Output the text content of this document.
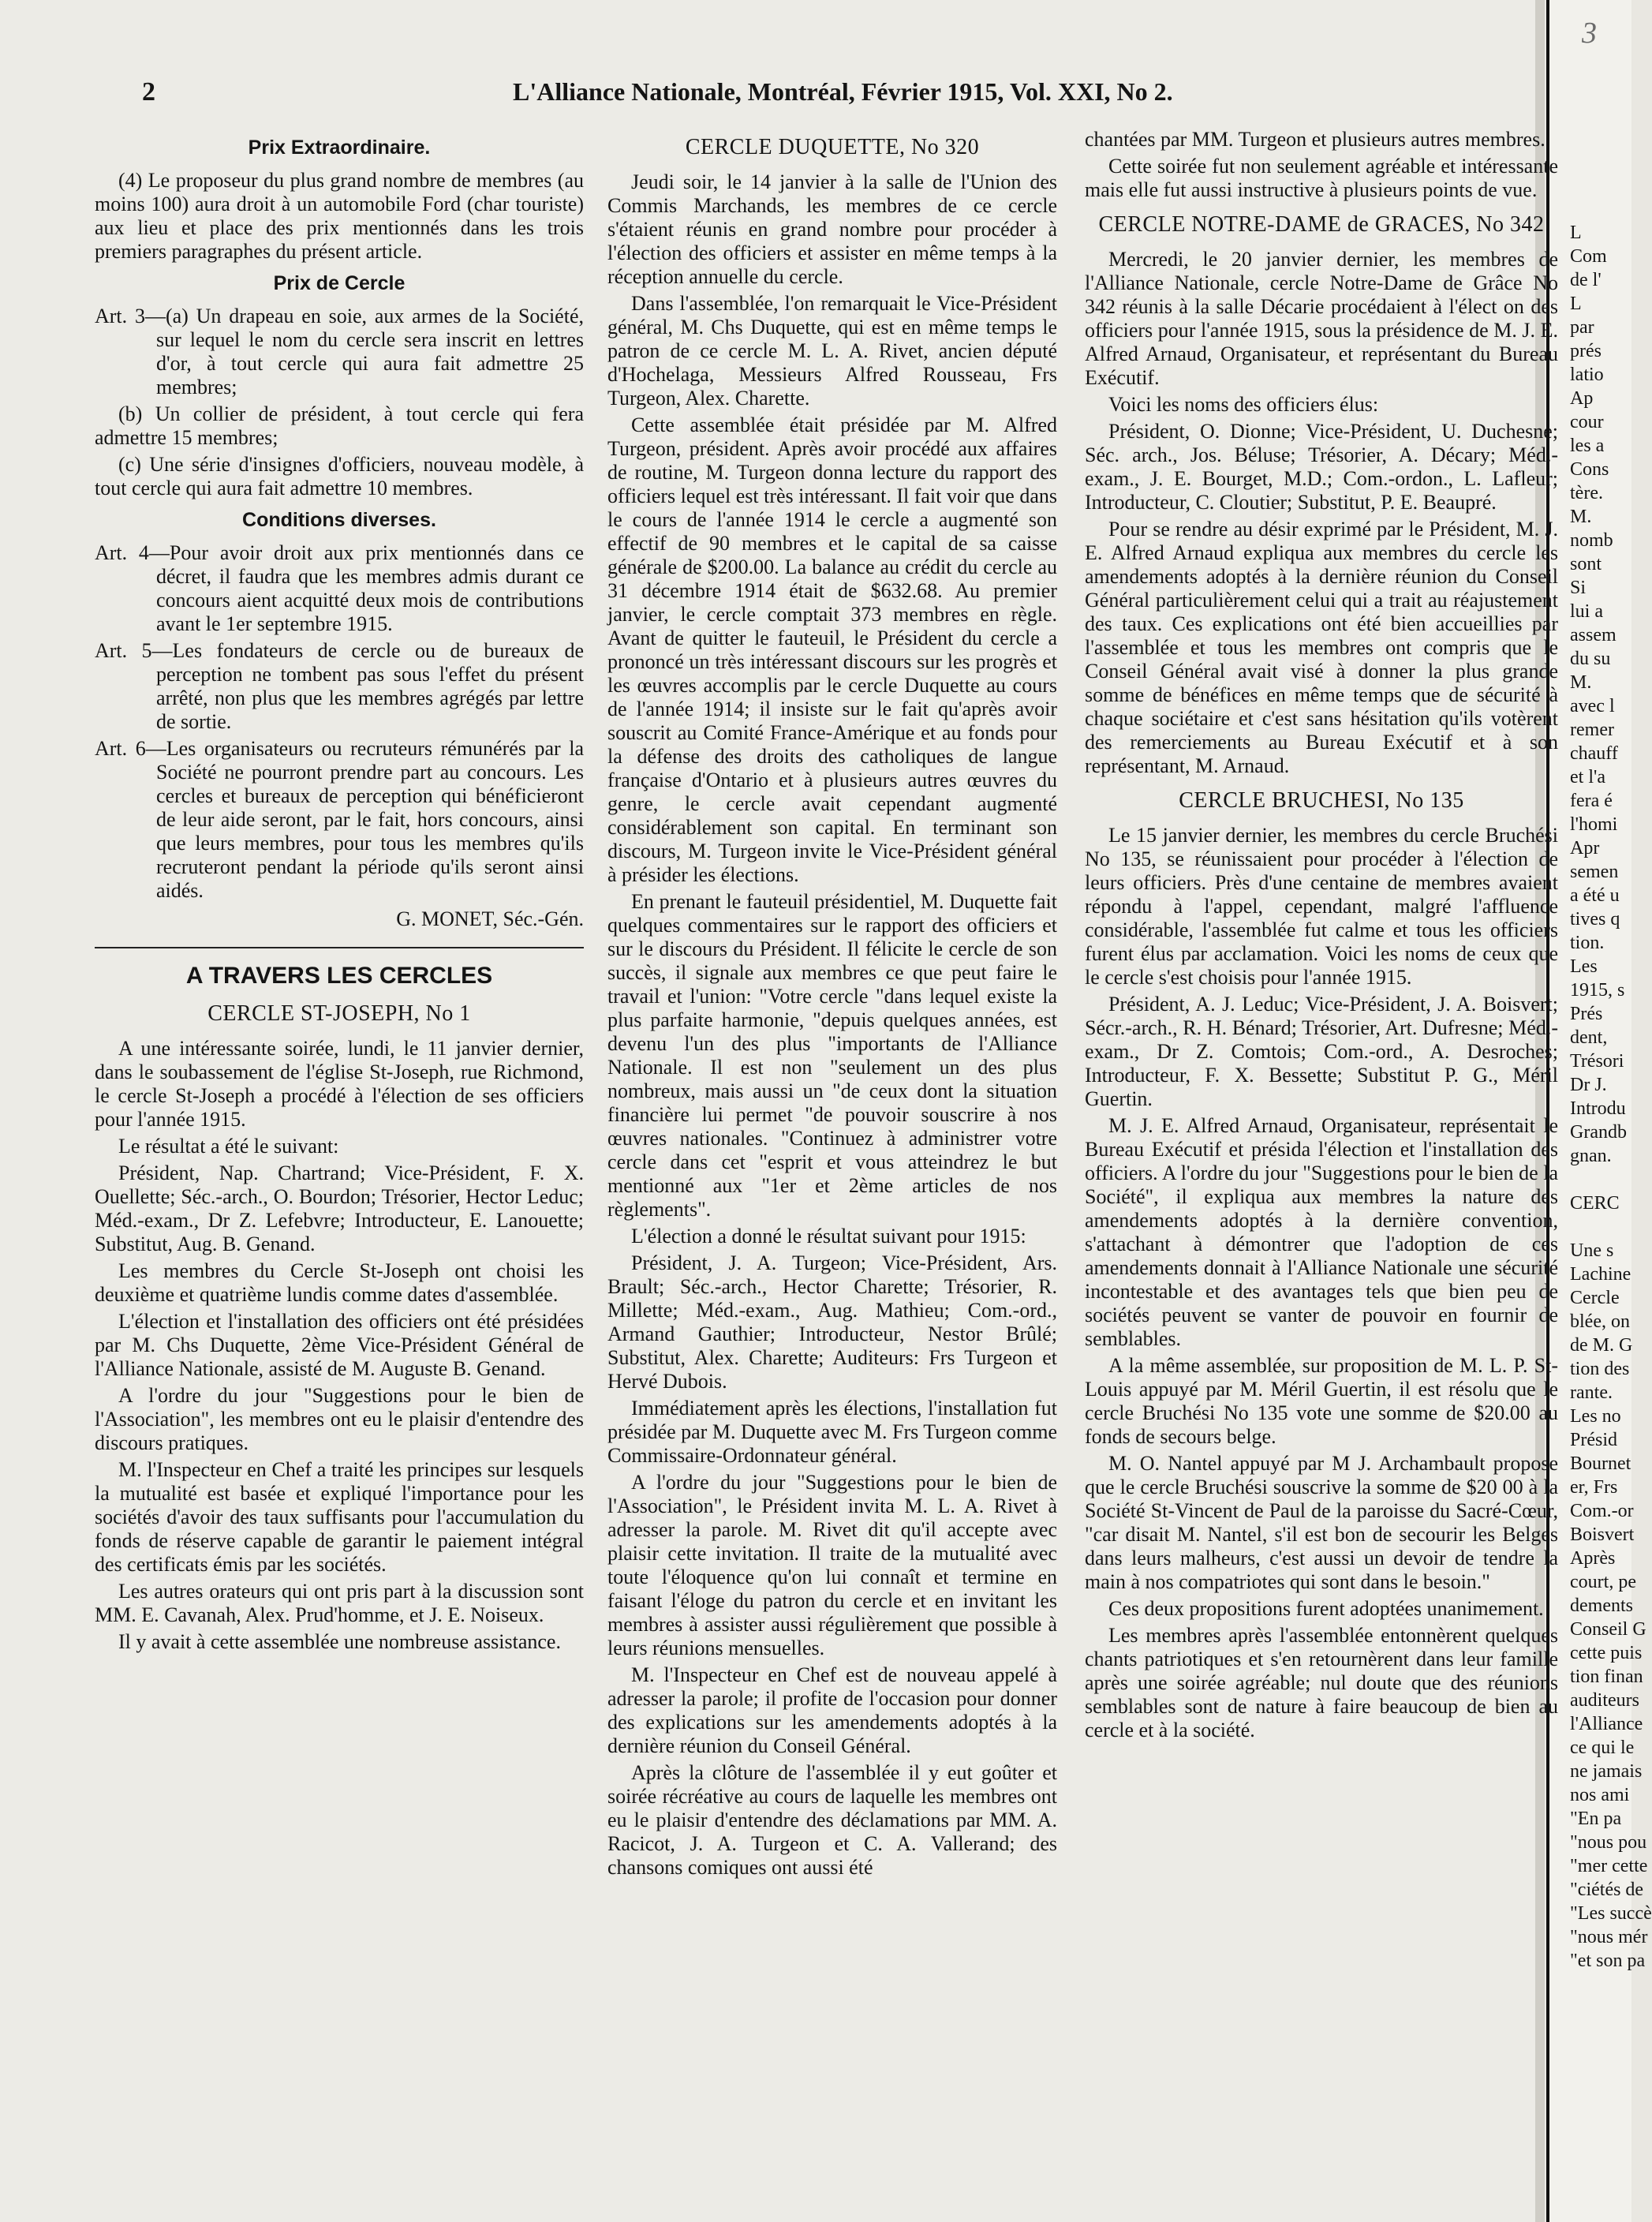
3
2	L'Alliance Nationale, Montréal, Février 1915, Vol. XXI, No 2.
Prix Extraordinaire.

(4) Le proposeur du plus grand nombre de membres (au moins 100) aura droit à un automobile Ford (char touriste) aux lieu et place des prix mentionnés dans les trois premiers paragraphes du présent article.

Prix de Cercle

Art. 3—(a) Un drapeau en soie, aux armes de la Société, sur lequel le nom du cercle sera inscrit en lettres d'or, à tout cercle qui aura fait admettre 25 membres;

(b) Un collier de président, à tout cercle qui fera admettre 15 membres;

(c) Une série d'insignes d'officiers, nouveau modèle, à tout cercle qui aura fait admettre 10 membres.

Conditions diverses.

Art. 4—Pour avoir droit aux prix mentionnés dans ce décret, il faudra que les membres admis durant ce concours aient acquitté deux mois de contributions avant le 1er septembre 1915.

Art. 5—Les fondateurs de cercle ou de bureaux de perception ne tombent pas sous l'effet du présent arrêté, non plus que les membres agrégés par lettre de sortie.

Art. 6—Les organisateurs ou recruteurs rémunérés par la Société ne pourront prendre part au concours. Les cercles et bureaux de perception qui bénéficieront de leur aide seront, par le fait, hors concours, ainsi que leurs membres, pour tous les membres qu'ils recruteront pendant la période qu'ils seront ainsi aidés.

G. MONET, Séc.-Gén.

A TRAVERS LES CERCLES
CERCLE ST-JOSEPH, No 1

A une intéressante soirée, lundi, le 11 janvier dernier, dans le soubassement de l'église St-Joseph, rue Richmond, le cercle St-Joseph a procédé à l'élection de ses officiers pour l'année 1915.

Le résultat a été le suivant:

Président, Nap. Chartrand; Vice-Président, F. X. Ouellette; Séc.-arch., O. Bourdon; Trésorier, Hector Leduc; Méd.-exam., Dr Z. Lefebvre; Introducteur, E. Lanouette; Substitut, Aug. B. Genand.

Les membres du Cercle St-Joseph ont choisi les deuxième et quatrième lundis comme dates d'assemblée.

L'élection et l'installation des officiers ont été présidées par M. Chs Duquette, 2ème Vice-Président Général de l'Alliance Nationale, assisté de M. Auguste B. Genand.

A l'ordre du jour "Suggestions pour le bien de l'Association", les membres ont eu le plaisir d'entendre des discours pratiques.

M. l'Inspecteur en Chef a traité les principes sur lesquels la mutualité est basée et expliqué l'importance pour les sociétés d'avoir des taux suffisants pour l'accumulation du fonds de réserve capable de garantir le paiement intégral des certificats émis par les sociétés.

Les autres orateurs qui ont pris part à la discussion sont MM. E. Cavanah, Alex. Prud'homme, et J. E. Noiseux.

Il y avait à cette assemblée une nombreuse assistance.

CERCLE DUQUETTE, No 320

Jeudi soir, le 14 janvier à la salle de l'Union des Commis Marchands, les membres de ce cercle s'étaient réunis en grand nombre pour procéder à l'élection des officiers et assister en même temps à la réception annuelle du cercle.

Dans l'assemblée, l'on remarquait le Vice-Président général, M. Chs Duquette, qui est en même temps le patron de ce cercle M. L. A. Rivet, ancien député d'Hochelaga, Messieurs Alfred Rousseau, Frs Turgeon, Alex. Charette.

Cette assemblée était présidée par M. Alfred Turgeon, président. Après avoir procédé aux affaires de routine, M. Turgeon donna lecture du rapport des officiers lequel est très intéressant. Il fait voir que dans le cours de l'année 1914 le cercle a augmenté son effectif de 90 membres et le capital de sa caisse générale de $200.00. La balance au crédit du cercle au 31 décembre 1914 était de $632.68. Au premier janvier, le cercle comptait 373 membres en règle. Avant de quitter le fauteuil, le Président du cercle a prononcé un très intéressant discours sur les progrès et les œuvres accomplis par le cercle Duquette au cours de l'année 1914; il insiste sur le fait qu'après avoir souscrit au Comité France-Amérique et au fonds pour la défense des droits des catholiques de langue française d'Ontario et à plusieurs autres œuvres du genre, le cercle avait cependant augmenté considérablement son capital. En terminant son discours, M. Turgeon invite le Vice-Président général à présider les élections.

En prenant le fauteuil présidentiel, M. Duquette fait quelques commentaires sur le rapport des officiers et sur le discours du Président. Il félicite le cercle de son succès, il signale aux membres ce que peut faire le travail et l'union: "Votre cercle "dans lequel existe la plus parfaite harmonie, "depuis quelques années, est devenu l'un des plus "importants de l'Alliance Nationale. Il est non "seulement un des plus nombreux, mais aussi un "de ceux dont la situation financière lui permet "de pouvoir souscrire à nos œuvres nationales. "Continuez à administrer votre cercle dans cet "esprit et vous atteindrez le but mentionné aux "1er et 2ème articles de nos règlements".

L'élection a donné le résultat suivant pour 1915:

Président, J. A. Turgeon; Vice-Président, Ars. Brault; Séc.-arch., Hector Charette; Trésorier, R. Millette; Méd.-exam., Aug. Mathieu; Com.-ord., Armand Gauthier; Introducteur, Nestor Brûlé; Substitut, Alex. Charette; Auditeurs: Frs Turgeon et Hervé Dubois.

Immédiatement après les élections, l'installation fut présidée par M. Duquette avec M. Frs Turgeon comme Commissaire-Ordonnateur général.

A l'ordre du jour "Suggestions pour le bien de l'Association", le Président invita M. L. A. Rivet à adresser la parole. M. Rivet dit qu'il accepte avec plaisir cette invitation. Il traite de la mutualité avec toute l'éloquence qu'on lui connaît et termine en faisant l'éloge du patron du cercle et en invitant les membres à assister aussi régulièrement que possible à leurs réunions mensuelles.

M. l'Inspecteur en Chef est de nouveau appelé à adresser la parole; il profite de l'occasion pour donner des explications sur les amendements adoptés à la dernière réunion du Conseil Général.

Après la clôture de l'assemblée il y eut goûter et soirée récréative au cours de laquelle les membres ont eu le plaisir d'entendre des déclamations par MM. A. Racicot, J. A. Turgeon et C. A. Vallerand; des chansons comiques ont aussi été

chantées par MM. Turgeon et plusieurs autres membres.

Cette soirée fut non seulement agréable et intéressante mais elle fut aussi instructive à plusieurs points de vue.

CERCLE NOTRE-DAME de GRACES, No 342

Mercredi, le 20 janvier dernier, les membres de l'Alliance Nationale, cercle Notre-Dame de Grâce No 342 réunis à la salle Décarie procédaient à l'élect on des officiers pour l'année 1915, sous la présidence de M. J. E. Alfred Arnaud, Organisateur, et représentant du Bureau Exécutif.

Voici les noms des officiers élus:

Président, O. Dionne; Vice-Président, U. Duchesne; Séc. arch., Jos. Béluse; Trésorier, A. Décary; Méd.-exam., J. E. Bourget, M.D.; Com.-ordon., L. Lafleur; Introducteur, C. Cloutier; Substitut, P. E. Beaupré.

Pour se rendre au désir exprimé par le Président, M. J. E. Alfred Arnaud expliqua aux membres du cercle les amendements adoptés à la dernière réunion du Conseil Général particulièrement celui qui a trait au réajustement des taux. Ces explications ont été bien accueillies par l'assemblée et tous les membres ont compris que le Conseil Général avait visé à donner la plus grande somme de bénéfices en même temps que de sécurité à chaque sociétaire et c'est sans hésitation qu'ils votèrent des remerciements au Bureau Exécutif et à son représentant, M. Arnaud.

CERCLE BRUCHESI, No 135

Le 15 janvier dernier, les membres du cercle Bruchési No 135, se réunissaient pour procéder à l'élection de leurs officiers. Près d'une centaine de membres avaient répondu à l'appel, cependant, malgré l'affluence considérable, l'assemblée fut calme et tous les officiers furent élus par acclamation. Voici les noms de ceux que le cercle s'est choisis pour l'année 1915.

Président, A. J. Leduc; Vice-Président, J. A. Boisvert; Sécr.-arch., R. H. Bénard; Trésorier, Art. Dufresne; Méd.-exam., Dr Z. Comtois; Com.-ord., A. Desroches; Introducteur, F. X. Bessette; Substitut P. G., Méril Guertin.

M. J. E. Alfred Arnaud, Organisateur, représentait le Bureau Exécutif et présida l'élection et l'installation des officiers. A l'ordre du jour "Suggestions pour le bien de la Société", il expliqua aux membres la nature des amendements adoptés à la dernière convention, s'attachant à démontrer que l'adoption de ces amendements donnait à l'Alliance Nationale une sécurité incontestable et des avantages tels que bien peu de sociétés peuvent se vanter de pouvoir en fournir de semblables.

A la même assemblée, sur proposition de M. L. P. St-Louis appuyé par M. Méril Guertin, il est résolu que le cercle Bruchési No 135 vote une somme de $20.00 au fonds de secours belge.

M. O. Nantel appuyé par M J. Archambault propose que le cercle Bruchési souscrive la somme de $20 00 à la Société St-Vincent de Paul de la paroisse du Sacré-Cœur, "car disait M. Nantel, s'il est bon de secourir les Belges dans leurs malheurs, c'est aussi un devoir de tendre la main à nos compatriotes qui sont dans le besoin."

Ces deux propositions furent adoptées unanimement.

Les membres après l'assemblée entonnèrent quelques chants patriotiques et s'en retournèrent dans leur famille après une soirée agréable; nul doute que des réunions semblables sont de nature à faire beaucoup de bien au cercle et à la société.

L
Com
de l'
L
par
prés
latio
Ap
cour
les a
Cons
tère.
M.
nomb
sont
Si
lui a
assem
du su
M.
avec l
remer
chauff
et l'a
fera é
l'homi
Apr
semen
a été u
tives q
tion.
Les
1915, s
Prés
dent,
Trésori
Dr J.
Introdu
Grandb
gnan.

CERC

Une s
Lachine
Cercle
blée, on
de M. G
tion des
rante.
Les no
Présid
Bournet
er, Frs
Com.-or
Boisvert
Après
court, pe
dements
Conseil G
cette puis
tion finan
auditeurs
l'Alliance
ce qui le
ne jamais
nos ami
"En pa
"nous pou
"mer cette
"ciétés de
"Les succè
"nous mér
"et son pa
